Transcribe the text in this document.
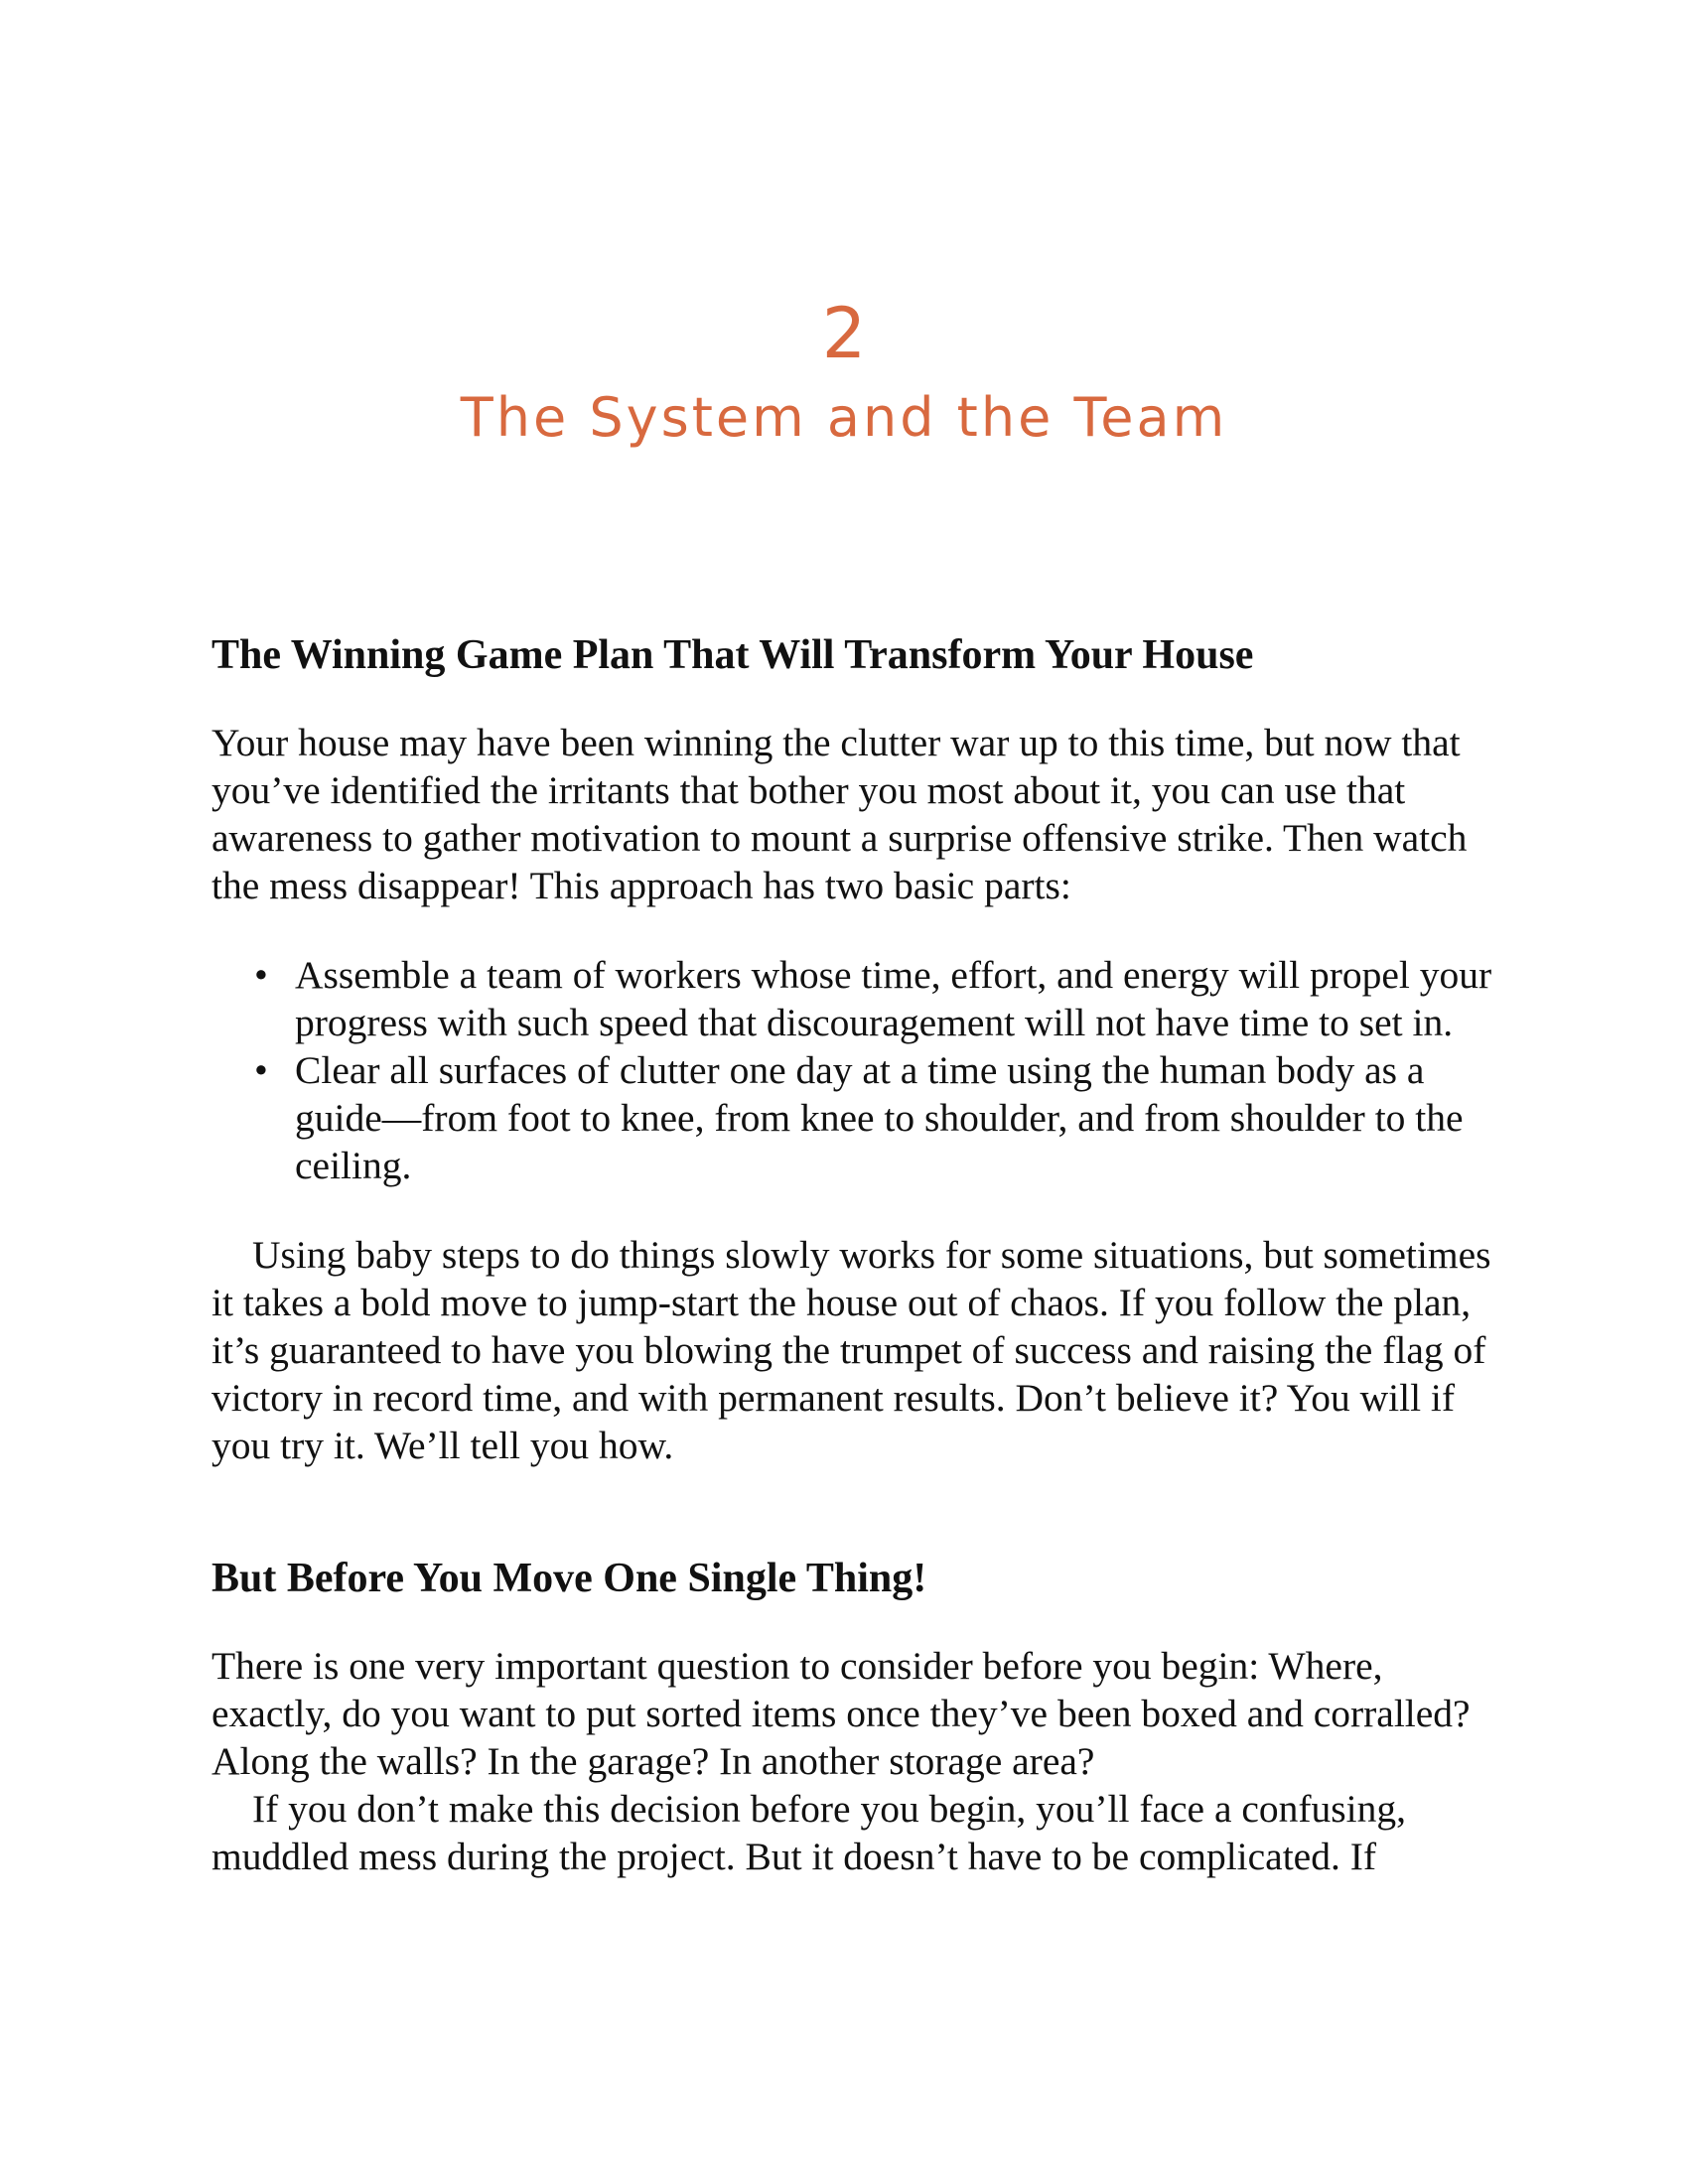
2
The System and the Team
The Winning Game Plan That Will Transform Your House

Your house may have been winning the clutter war up to this time, but now that you’ve identified the irritants that bother you most about it, you can use that awareness to gather motivation to mount a surprise offensive strike. Then watch the mess disappear! This approach has two basic parts:

• Assemble a team of workers whose time, effort, and energy will propel your progress with such speed that discouragement will not have time to set in.
• Clear all surfaces of clutter one day at a time using the human body as a guide—from foot to knee, from knee to shoulder, and from shoulder to the ceiling.

Using baby steps to do things slowly works for some situations, but sometimes it takes a bold move to jump-start the house out of chaos. If you follow the plan, it’s guaranteed to have you blowing the trumpet of success and raising the flag of victory in record time, and with permanent results. Don’t believe it? You will if you try it. We’ll tell you how.

But Before You Move One Single Thing!

There is one very important question to consider before you begin: Where, exactly, do you want to put sorted items once they’ve been boxed and corralled? Along the walls? In the garage? In another storage area?

If you don’t make this decision before you begin, you’ll face a confusing, muddled mess during the project. But it doesn’t have to be complicated. If
